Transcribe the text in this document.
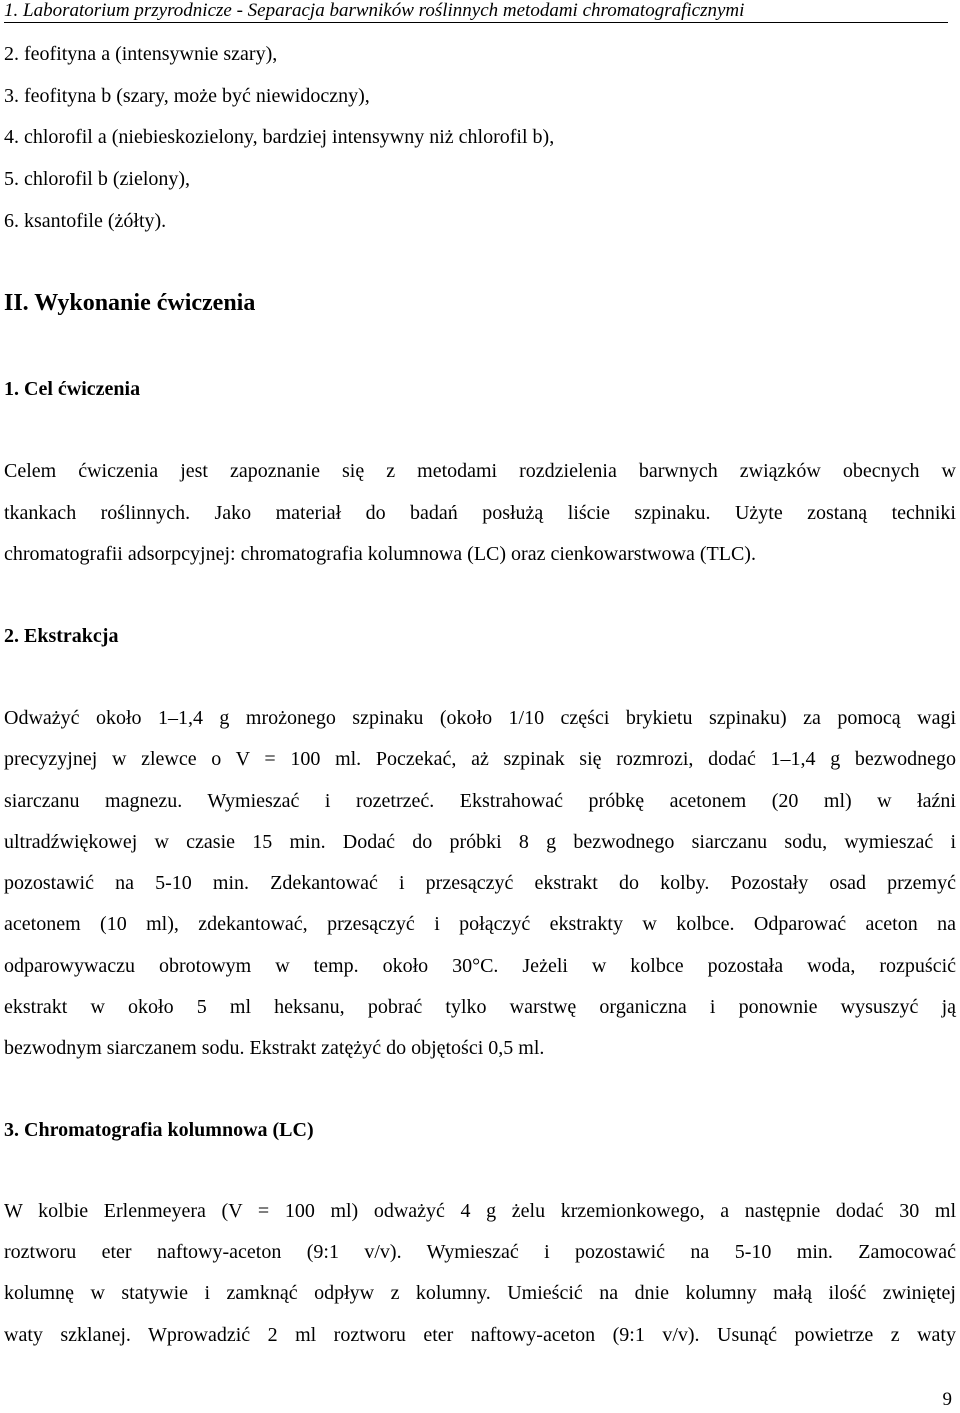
1. Laboratorium przyrodnicze - Separacja barwników roślinnych metodami chromatograficznymi
2. feofityna a (intensywnie szary),
3. feofityna b (szary, może być niewidoczny),
4. chlorofil a (niebieskozielony, bardziej intensywny niż chlorofil b),
5. chlorofil b (zielony),
6. ksantofile (żółty).
II. Wykonanie ćwiczenia
1. Cel ćwiczenia
Celem ćwiczenia jest zapoznanie się z metodami rozdzielenia barwnych związków obecnych w
tkankach roślinnych. Jako materiał do badań posłużą liście szpinaku. Użyte zostaną techniki
chromatografii adsorpcyjnej: chromatografia kolumnowa (LC) oraz cienkowarstwowa (TLC).
2. Ekstrakcja
Odważyć około 1–1,4 g mrożonego szpinaku (około 1/10 części brykietu szpinaku) za pomocą wagi
precyzyjnej w zlewce o V = 100 ml. Poczekać, aż szpinak się rozmrozi, dodać 1–1,4 g bezwodnego
siarczanu magnezu. Wymieszać i rozetrzeć. Ekstrahować próbkę acetonem (20 ml) w łaźni
ultradźwiękowej w czasie 15 min. Dodać do próbki 8 g bezwodnego siarczanu sodu, wymieszać i
pozostawić na 5-10 min. Zdekantować i przesączyć ekstrakt do kolby. Pozostały osad przemyć
acetonem (10 ml), zdekantować, przesączyć i połączyć ekstrakty w kolbce. Odparować aceton na
odparowywaczu obrotowym w temp. około 30°C. Jeżeli w kolbce pozostała woda, rozpuścić
ekstrakt w około 5 ml heksanu, pobrać tylko warstwę organiczna i ponownie wysuszyć ją
bezwodnym siarczanem sodu. Ekstrakt zatężyć do objętości 0,5 ml.
3. Chromatografia kolumnowa (LC)
W kolbie Erlenmeyera (V = 100 ml) odważyć 4 g żelu krzemionkowego, a następnie dodać 30 ml
roztworu eter naftowy-aceton (9:1 v/v). Wymieszać i pozostawić na 5-10 min. Zamocować
kolumnę w statywie i zamknąć odpływ z kolumny. Umieścić na dnie kolumny małą ilość zwiniętej
waty szklanej. Wprowadzić 2 ml roztworu eter naftowy-aceton (9:1 v/v). Usunąć powietrze z waty
9
